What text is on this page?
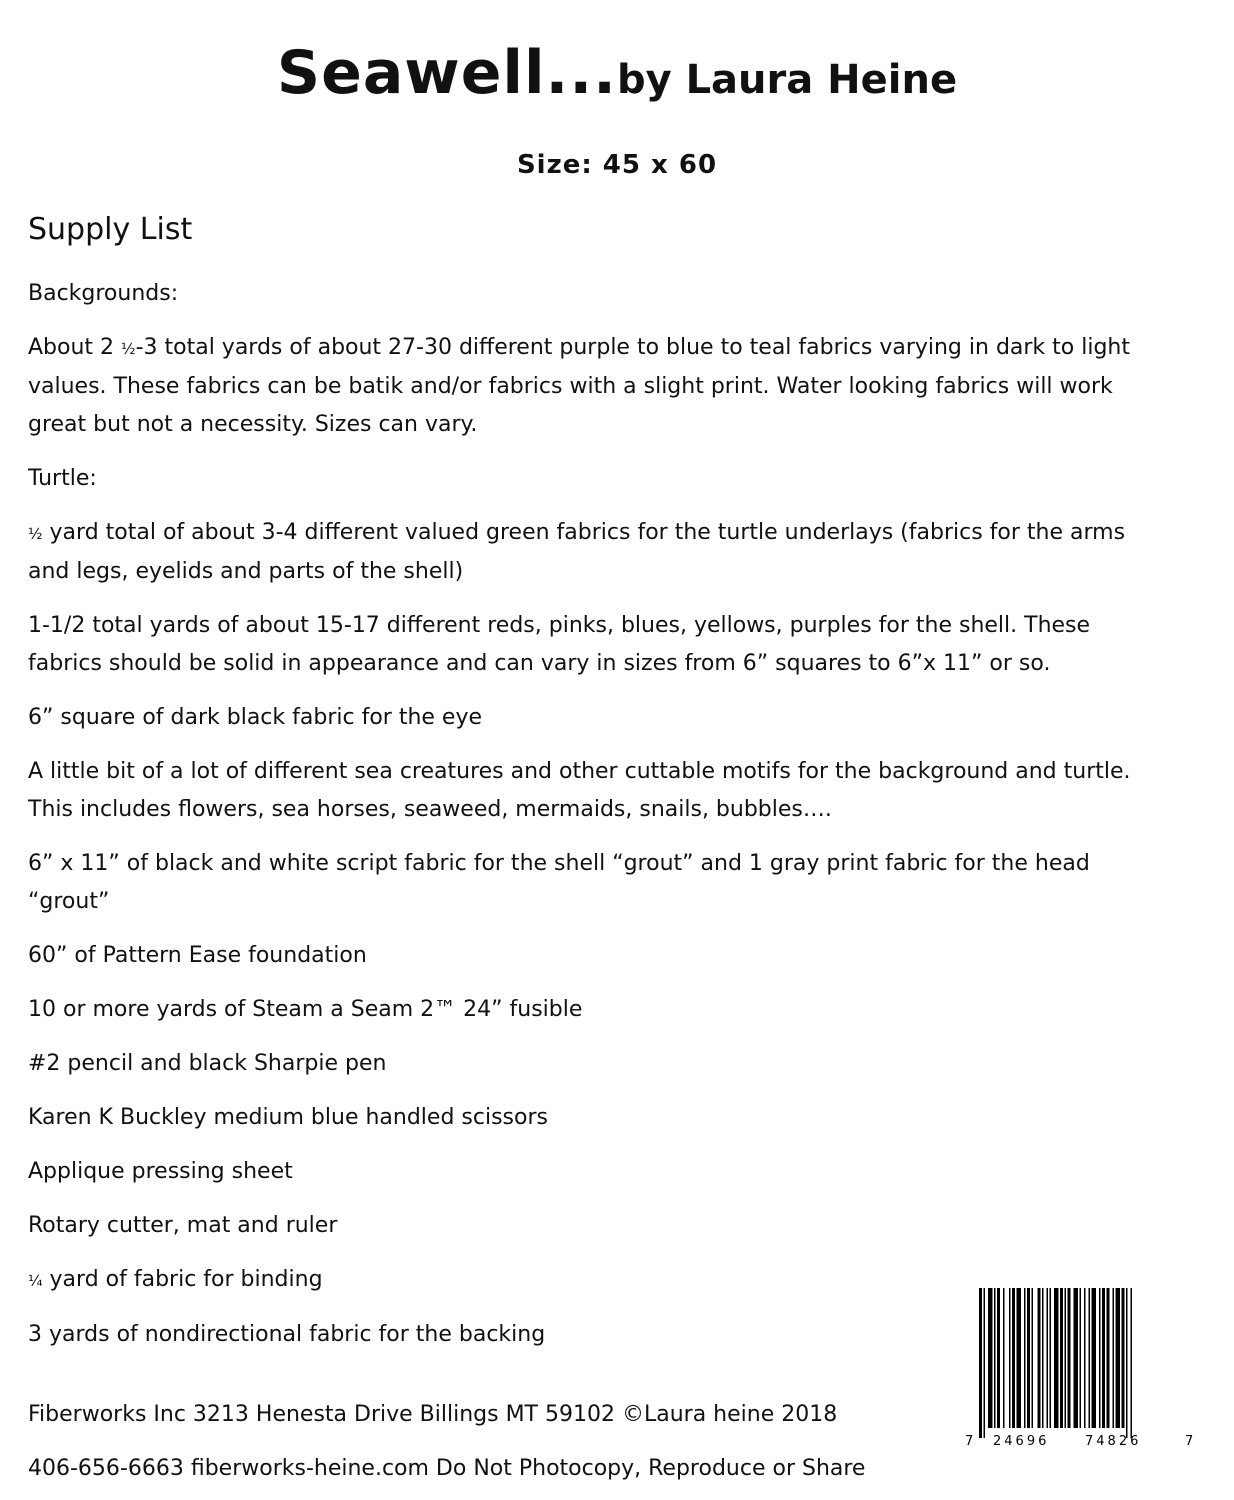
Seawell...by Laura Heine
Size: 45 x 60
Supply List

Backgrounds:

About 2 ½-3 total yards of about 27-30 different purple to blue to teal fabrics varying in dark to light values. These fabrics can be batik and/or fabrics with a slight print. Water looking fabrics will work great but not a necessity. Sizes can vary.

Turtle:

½ yard total of about 3-4 different valued green fabrics for the turtle underlays (fabrics for the arms and legs, eyelids and parts of the shell)

1-1/2 total yards of about 15-17 different reds, pinks, blues, yellows, purples for the shell. These fabrics should be solid in appearance and can vary in sizes from 6” squares to 6”x 11” or so.

6” square of dark black fabric for the eye

A little bit of a lot of different sea creatures and other cuttable motifs for the background and turtle. This includes flowers, sea horses, seaweed, mermaids, snails, bubbles….

6” x 11” of black and white script fabric for the shell “grout” and 1 gray print fabric for the head “grout”

60” of Pattern Ease foundation

10 or more yards of Steam a Seam 2™ 24” fusible

#2 pencil and black Sharpie pen

Karen K Buckley medium blue handled scissors

Applique pressing sheet

Rotary cutter, mat and ruler

¼ yard of fabric for binding

3 yards of nondirectional fabric for the backing

Fiberworks Inc 3213 Henesta Drive Billings MT 59102 ©Laura heine 2018
406-656-6663 fiberworks-heine.com Do Not Photocopy, Reproduce or Share
7 24696	74826	7
